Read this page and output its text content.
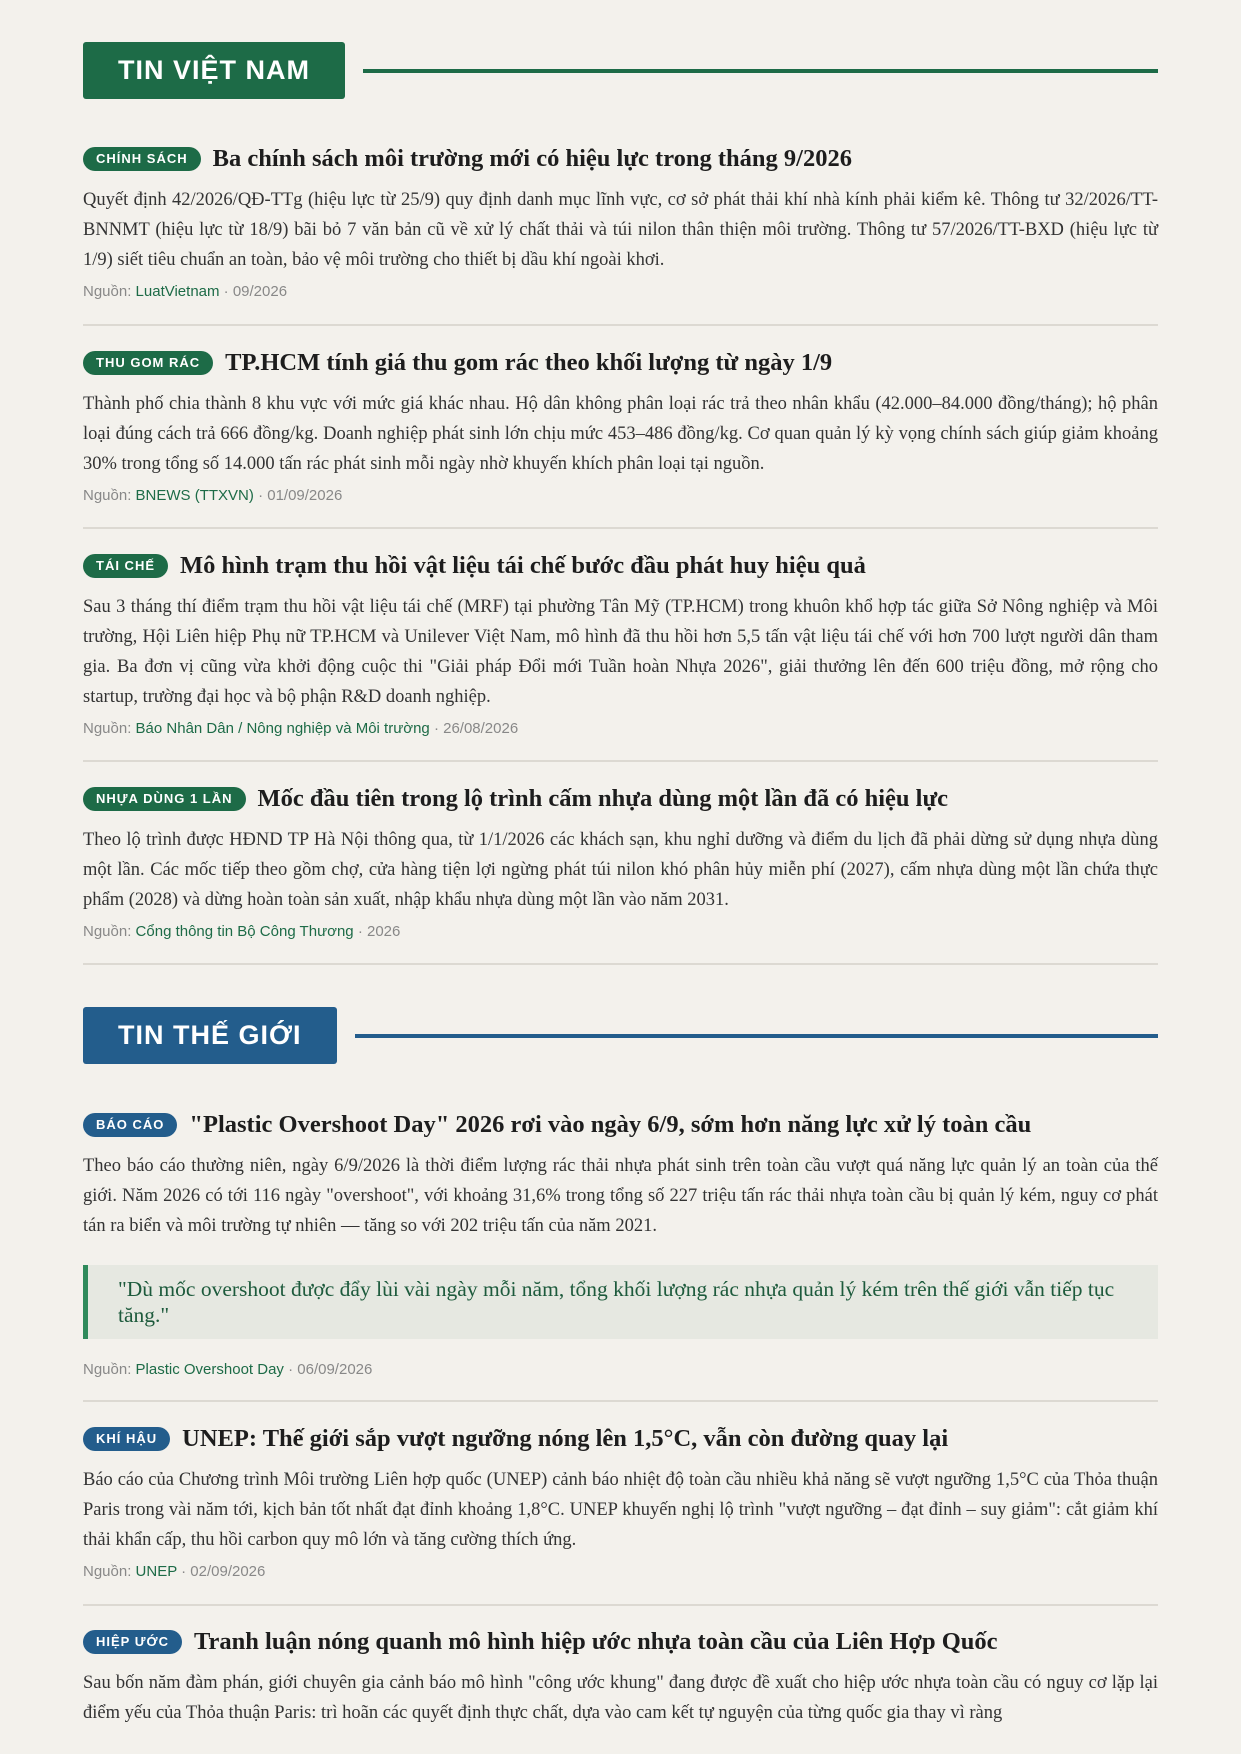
TIN VIỆT NAM
CHÍNH SÁCH	Ba chính sách môi trường mới có hiệu lực trong tháng 9/2026
Quyết định 42/2026/QĐ-TTg (hiệu lực từ 25/9) quy định danh mục lĩnh vực, cơ sở phát thải khí nhà kính phải kiểm kê. Thông tư 32/2026/TT-BNNMT (hiệu lực từ 18/9) bãi bỏ 7 văn bản cũ về xử lý chất thải và túi nilon thân thiện môi trường. Thông tư 57/2026/TT-BXD (hiệu lực từ 1/9) siết tiêu chuẩn an toàn, bảo vệ môi trường cho thiết bị dầu khí ngoài khơi.
Nguồn: LuatVietnam · 09/2026
THU GOM RÁC	TP.HCM tính giá thu gom rác theo khối lượng từ ngày 1/9
Thành phố chia thành 8 khu vực với mức giá khác nhau. Hộ dân không phân loại rác trả theo nhân khẩu (42.000–84.000 đồng/tháng); hộ phân loại đúng cách trả 666 đồng/kg. Doanh nghiệp phát sinh lớn chịu mức 453–486 đồng/kg. Cơ quan quản lý kỳ vọng chính sách giúp giảm khoảng 30% trong tổng số 14.000 tấn rác phát sinh mỗi ngày nhờ khuyến khích phân loại tại nguồn.
Nguồn: BNEWS (TTXVN) · 01/09/2026
TÁI CHẾ	Mô hình trạm thu hồi vật liệu tái chế bước đầu phát huy hiệu quả
Sau 3 tháng thí điểm trạm thu hồi vật liệu tái chế (MRF) tại phường Tân Mỹ (TP.HCM) trong khuôn khổ hợp tác giữa Sở Nông nghiệp và Môi trường, Hội Liên hiệp Phụ nữ TP.HCM và Unilever Việt Nam, mô hình đã thu hồi hơn 5,5 tấn vật liệu tái chế với hơn 700 lượt người dân tham gia. Ba đơn vị cũng vừa khởi động cuộc thi "Giải pháp Đổi mới Tuần hoàn Nhựa 2026", giải thưởng lên đến 600 triệu đồng, mở rộng cho startup, trường đại học và bộ phận R&D doanh nghiệp.
Nguồn: Báo Nhân Dân / Nông nghiệp và Môi trường · 26/08/2026
NHỰA DÙNG 1 LẦN	Mốc đầu tiên trong lộ trình cấm nhựa dùng một lần đã có hiệu lực
Theo lộ trình được HĐND TP Hà Nội thông qua, từ 1/1/2026 các khách sạn, khu nghỉ dưỡng và điểm du lịch đã phải dừng sử dụng nhựa dùng một lần. Các mốc tiếp theo gồm chợ, cửa hàng tiện lợi ngừng phát túi nilon khó phân hủy miễn phí (2027), cấm nhựa dùng một lần chứa thực phẩm (2028) và dừng hoàn toàn sản xuất, nhập khẩu nhựa dùng một lần vào năm 2031.
Nguồn: Cổng thông tin Bộ Công Thương · 2026
TIN THẾ GIỚI
BÁO CÁO	"Plastic Overshoot Day" 2026 rơi vào ngày 6/9, sớm hơn năng lực xử lý toàn cầu
Theo báo cáo thường niên, ngày 6/9/2026 là thời điểm lượng rác thải nhựa phát sinh trên toàn cầu vượt quá năng lực quản lý an toàn của thế giới. Năm 2026 có tới 116 ngày "overshoot", với khoảng 31,6% trong tổng số 227 triệu tấn rác thải nhựa toàn cầu bị quản lý kém, nguy cơ phát tán ra biển và môi trường tự nhiên — tăng so với 202 triệu tấn của năm 2021.
"Dù mốc overshoot được đẩy lùi vài ngày mỗi năm, tổng khối lượng rác nhựa quản lý kém trên thế giới vẫn tiếp tục tăng."
Nguồn: Plastic Overshoot Day · 06/09/2026
KHÍ HẬU	UNEP: Thế giới sắp vượt ngưỡng nóng lên 1,5°C, vẫn còn đường quay lại
Báo cáo của Chương trình Môi trường Liên hợp quốc (UNEP) cảnh báo nhiệt độ toàn cầu nhiều khả năng sẽ vượt ngưỡng 1,5°C của Thỏa thuận Paris trong vài năm tới, kịch bản tốt nhất đạt đỉnh khoảng 1,8°C. UNEP khuyến nghị lộ trình "vượt ngưỡng – đạt đỉnh – suy giảm": cắt giảm khí thải khẩn cấp, thu hồi carbon quy mô lớn và tăng cường thích ứng.
Nguồn: UNEP · 02/09/2026
HIỆP ƯỚC	Tranh luận nóng quanh mô hình hiệp ước nhựa toàn cầu của Liên Hợp Quốc
Sau bốn năm đàm phán, giới chuyên gia cảnh báo mô hình "công ước khung" đang được đề xuất cho hiệp ước nhựa toàn cầu có nguy cơ lặp lại điểm yếu của Thỏa thuận Paris: trì hoãn các quyết định thực chất, dựa vào cam kết tự nguyện của từng quốc gia thay vì ràng
